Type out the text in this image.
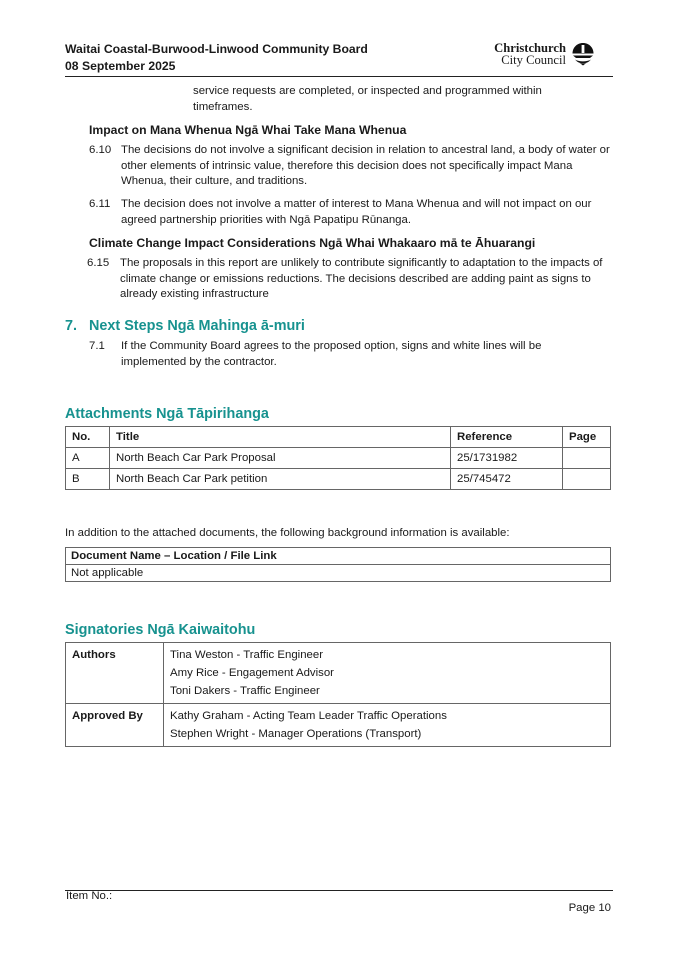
Waitai Coastal-Burwood-Linwood Community Board
08 September 2025
Christchurch
City Council
service requests are completed, or inspected and programmed within timeframes.
Impact on Mana Whenua Ngā Whai Take Mana Whenua
6.10 The decisions do not involve a significant decision in relation to ancestral land, a body of water or other elements of intrinsic value, therefore this decision does not specifically impact Mana Whenua, their culture, and traditions.
6.11 The decision does not involve a matter of interest to Mana Whenua and will not impact on our agreed partnership priorities with Ngā Papatipu Rūnanga.
Climate Change Impact Considerations Ngā Whai Whakaaro mā te Āhuarangi
6.15 The proposals in this report are unlikely to contribute significantly to adaptation to the impacts of climate change or emissions reductions. The decisions described are adding paint as signs to already existing infrastructure
7. Next Steps Ngā Mahinga ā-muri
7.1 If the Community Board agrees to the proposed option, signs and white lines will be implemented by the contractor.
Attachments Ngā Tāpirihanga
No.	Title	Reference	Page
A	North Beach Car Park Proposal	25/1731982	
B	North Beach Car Park petition	25/745472	
In addition to the attached documents, the following background information is available:
Document Name – Location / File Link
Not applicable
Signatories Ngā Kaiwaitohu
Authors	Tina Weston - Traffic Engineer
Amy Rice - Engagement Advisor
Toni Dakers - Traffic Engineer

Approved By	Kathy Graham - Acting Team Leader Traffic Operations
Stephen Wright - Manager Operations (Transport)
Item No.:
Page 10
